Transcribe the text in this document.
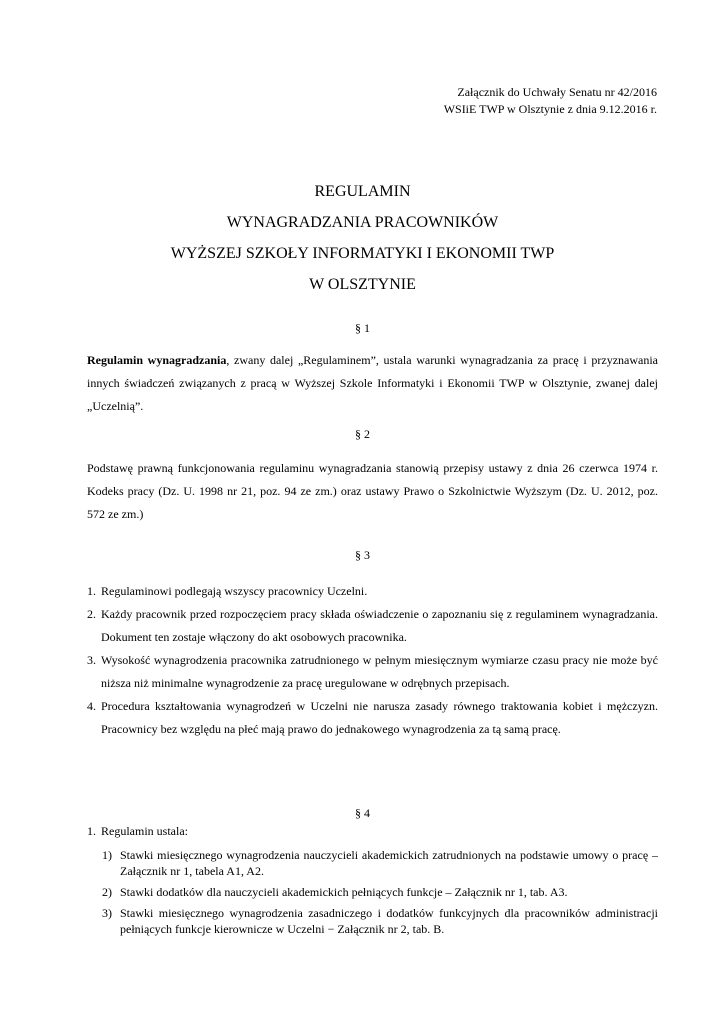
Załącznik do Uchwały Senatu nr 42/2016
WSIiE TWP w Olsztynie z dnia 9.12.2016 r.
REGULAMIN
WYNAGRADZANIA PRACOWNIKÓW
WYŻSZEJ SZKOŁY INFORMATYKI I EKONOMII TWP
W OLSZTYNIE
§ 1
Regulamin wynagradzania, zwany dalej „Regulaminem”, ustala warunki wynagradzania za pracę i przyznawania innych świadczeń związanych z pracą w Wyższej Szkole Informatyki i Ekonomii TWP w Olsztynie, zwanej dalej „Uczelnią”.
§ 2
Podstawę prawną funkcjonowania regulaminu wynagradzania stanowią przepisy ustawy z dnia 26 czerwca 1974 r. Kodeks pracy (Dz. U. 1998 nr 21, poz. 94 ze zm.) oraz ustawy Prawo o Szkolnictwie Wyższym (Dz. U. 2012, poz. 572 ze zm.)
§ 3
1. Regulaminowi podlegają wszyscy pracownicy Uczelni.
2. Każdy pracownik przed rozpoczęciem pracy składa oświadczenie o zapoznaniu się z regulaminem wynagradzania. Dokument ten zostaje włączony do akt osobowych pracownika.
3. Wysokość wynagrodzenia pracownika zatrudnionego w pełnym miesięcznym wymiarze czasu pracy nie może być niższa niż minimalne wynagrodzenie za pracę uregulowane w odrębnych przepisach.
4. Procedura kształtowania wynagrodzeń w Uczelni nie narusza zasady równego traktowania kobiet i mężczyzn. Pracownicy bez względu na płeć mają prawo do jednakowego wynagrodzenia za tą samą pracę.
§ 4
1. Regulamin ustala:
1) Stawki miesięcznego wynagrodzenia nauczycieli akademickich zatrudnionych na podstawie umowy o pracę – Załącznik nr 1, tabela A1, A2.
2) Stawki dodatków dla nauczycieli akademickich pełniących funkcje – Załącznik nr 1, tab. A3.
3) Stawki miesięcznego wynagrodzenia zasadniczego i dodatków funkcyjnych dla pracowników administracji pełniących funkcje kierownicze w Uczelni − Załącznik nr 2, tab. B.
